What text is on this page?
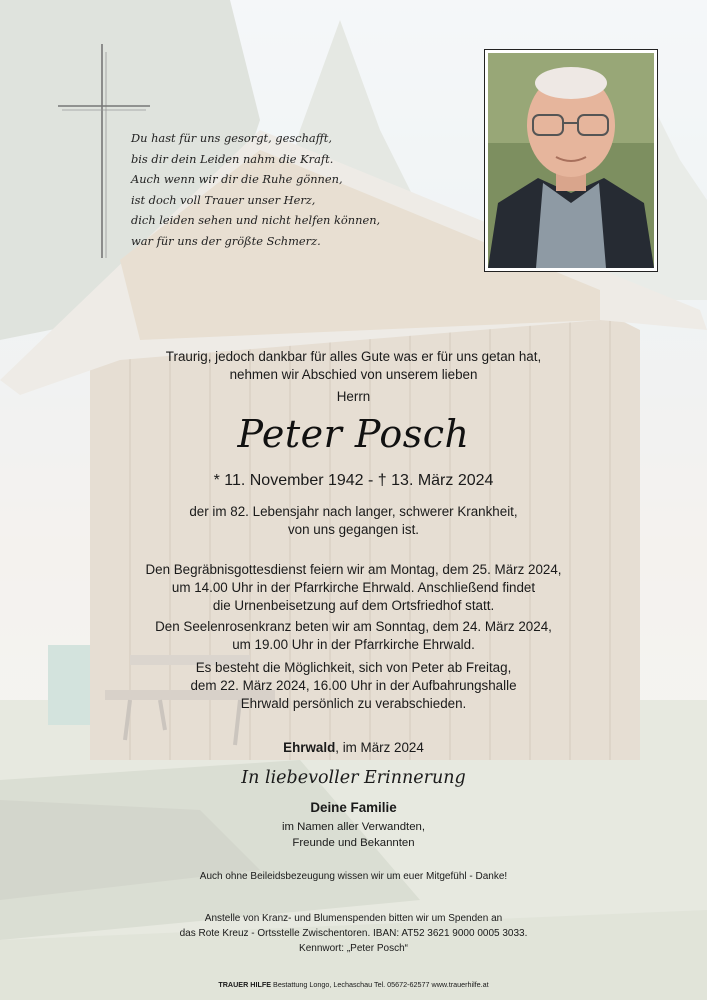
Du hast für uns gesorgt, geschafft,
bis dir dein Leiden nahm die Kraft.
Auch wenn wir dir die Ruhe gönnen,
ist doch voll Trauer unser Herz,
dich leiden sehen und nicht helfen können,
war für uns der größte Schmerz.
Traurig, jedoch dankbar für alles Gute was er für uns getan hat,
nehmen wir Abschied von unserem lieben
Herrn
Peter Posch
* 11. November 1942 - † 13. März 2024
der im 82. Lebensjahr nach langer, schwerer Krankheit,
von uns gegangen ist.
Den Begräbnisgottesdienst feiern wir am Montag, dem 25. März 2024,
um 14.00 Uhr in der Pfarrkirche Ehrwald. Anschließend findet
die Urnenbeisetzung auf dem Ortsfriedhof statt.
Den Seelenrosenkranz beten wir am Sonntag, dem 24. März 2024,
um 19.00 Uhr in der Pfarrkirche Ehrwald.
Es besteht die Möglichkeit, sich von Peter ab Freitag,
dem 22. März 2024, 16.00 Uhr in der Aufbahrungshalle
Ehrwald persönlich zu verabschieden.
Ehrwald, im März 2024
In liebevoller Erinnerung
Deine Familie
im Namen aller Verwandten,
Freunde und Bekannten
Auch ohne Beileidsbezeugung wissen wir um euer Mitgefühl - Danke!
Anstelle von Kranz- und Blumenspenden bitten wir um Spenden an
das Rote Kreuz - Ortsstelle Zwischentoren. IBAN: AT52 3621 9000 0005 3033.
Kennwort: „Peter Posch“
TRAUER HILFE Bestattung Longo, Lechaschau Tel. 05672-62577 www.trauerhilfe.at
